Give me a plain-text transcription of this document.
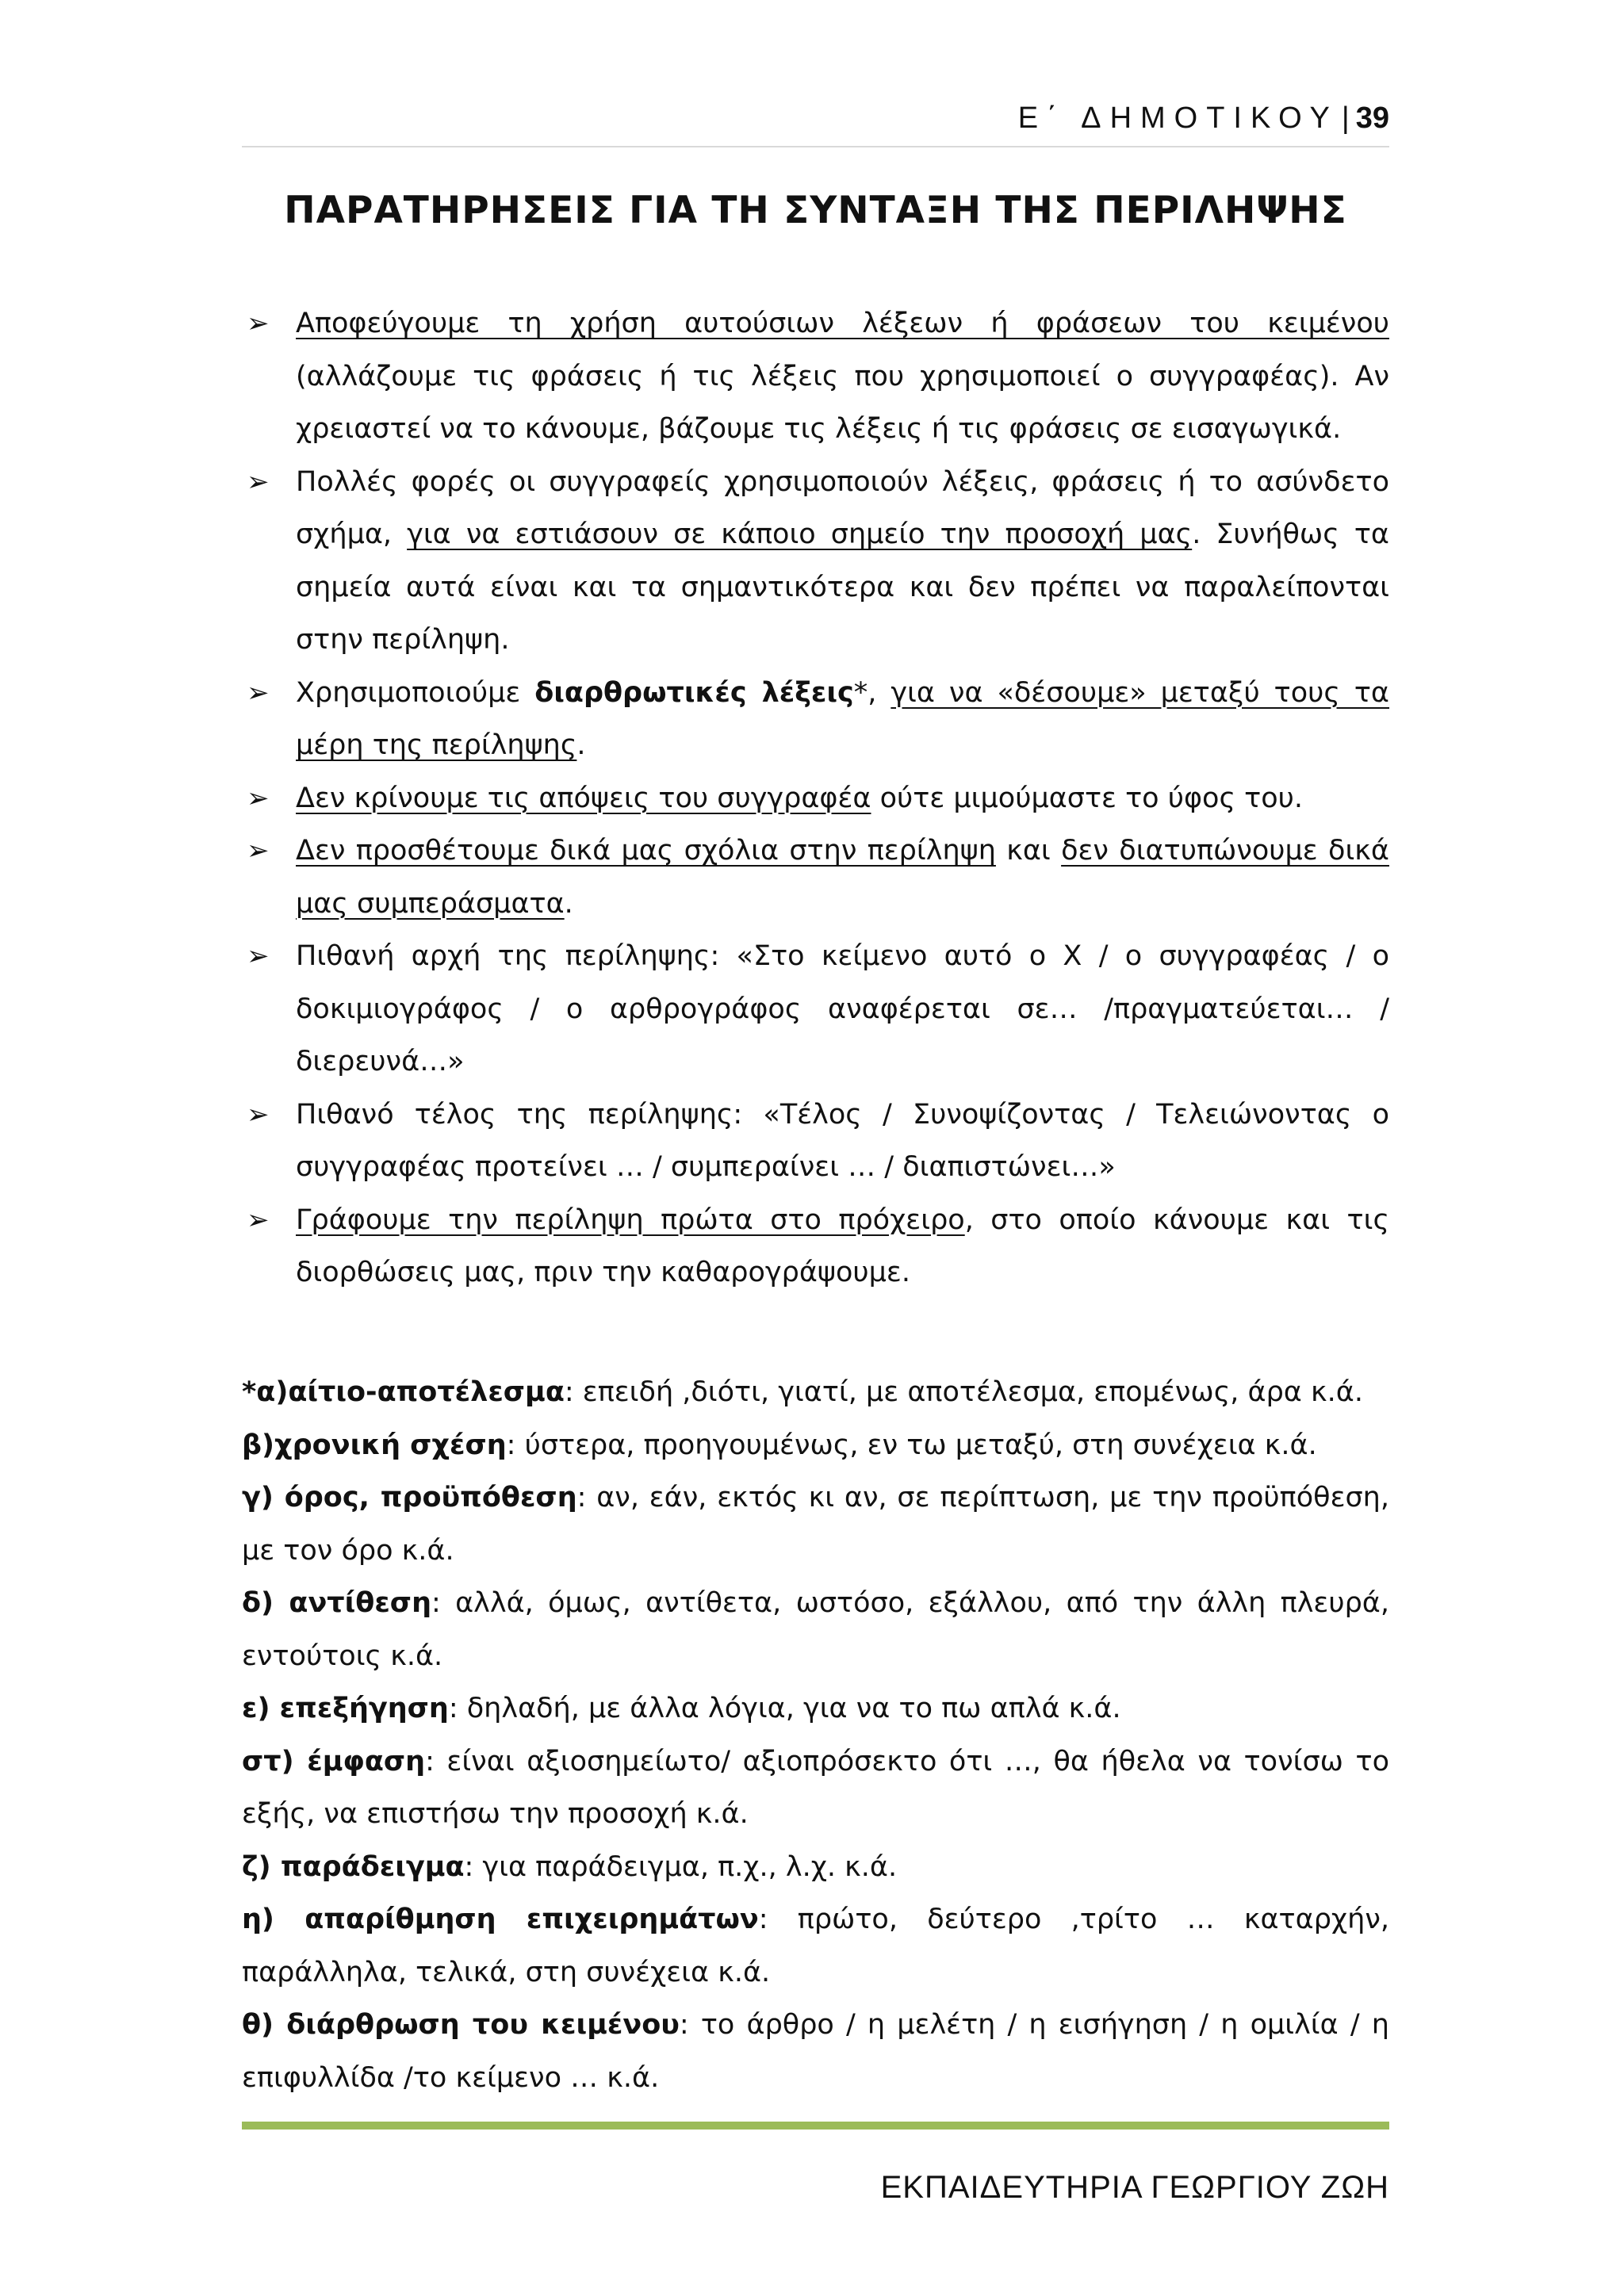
Ε΄ ΔΗΜΟΤΙΚΟΥ | 39
ΠΑΡΑΤΗΡΗΣΕΙΣ ΓΙΑ ΤΗ ΣΥΝΤΑΞΗ ΤΗΣ ΠΕΡΙΛΗΨΗΣ
➢ Αποφεύγουμε τη χρήση αυτούσιων λέξεων ή φράσεων του κειμένου (αλλάζουμε τις φράσεις ή τις λέξεις που χρησιμοποιεί ο συγγραφέας). Αν χρειαστεί να το κάνουμε, βάζουμε τις λέξεις ή τις φράσεις σε εισαγωγικά.
➢ Πολλές φορές οι συγγραφείς χρησιμοποιούν λέξεις, φράσεις ή το ασύνδετο σχήμα, για να εστιάσουν σε κάποιο σημείο την προσοχή μας. Συνήθως τα σημεία αυτά είναι και τα σημαντικότερα και δεν πρέπει να παραλείπονται στην περίληψη.
➢ Χρησιμοποιούμε διαρθρωτικές λέξεις*, για να «δέσουμε» μεταξύ τους τα μέρη της περίληψης.
➢ Δεν κρίνουμε τις απόψεις του συγγραφέα ούτε μιμούμαστε το ύφος του.
➢ Δεν προσθέτουμε δικά μας σχόλια στην περίληψη και δεν διατυπώνουμε δικά μας συμπεράσματα.
➢ Πιθανή αρχή της περίληψης: «Στο κείμενο αυτό ο Χ / ο συγγραφέας / ο δοκιμιογράφος / ο αρθρογράφος αναφέρεται σε… /πραγματεύεται… / διερευνά…»
➢ Πιθανό τέλος της περίληψης: «Τέλος / Συνοψίζοντας / Τελειώνοντας ο συγγραφέας προτείνει … / συμπεραίνει … / διαπιστώνει…»
➢ Γράφουμε την περίληψη πρώτα στο πρόχειρο, στο οποίο κάνουμε και τις διορθώσεις μας, πριν την καθαρογράψουμε.
*α)αίτιο-αποτέλεσμα: επειδή ,διότι, γιατί, με αποτέλεσμα, επομένως, άρα κ.ά.
β)χρονική σχέση: ύστερα, προηγουμένως, εν τω μεταξύ, στη συνέχεια κ.ά.
γ) όρος, προϋπόθεση: αν, εάν, εκτός κι αν, σε περίπτωση, με την προϋπόθεση, με τον όρο κ.ά.
δ) αντίθεση: αλλά, όμως, αντίθετα, ωστόσο, εξάλλου, από την άλλη πλευρά, εντούτοις κ.ά.
ε) επεξήγηση: δηλαδή, με άλλα λόγια, για να το πω απλά κ.ά.
στ) έμφαση: είναι αξιοσημείωτο/ αξιοπρόσεκτο ότι …, θα ήθελα να τονίσω το εξής, να επιστήσω την προσοχή κ.ά.
ζ) παράδειγμα: για παράδειγμα, π.χ., λ.χ. κ.ά.
η) απαρίθμηση επιχειρημάτων: πρώτο, δεύτερο ,τρίτο … καταρχήν, παράλληλα, τελικά, στη συνέχεια κ.ά.
θ) διάρθρωση του κειμένου: το άρθρο / η μελέτη / η εισήγηση / η ομιλία / η επιφυλλίδα /το κείμενο … κ.ά.
ΕΚΠΑΙΔΕΥΤΗΡΙΑ ΓΕΩΡΓΙΟΥ ΖΩΗ
